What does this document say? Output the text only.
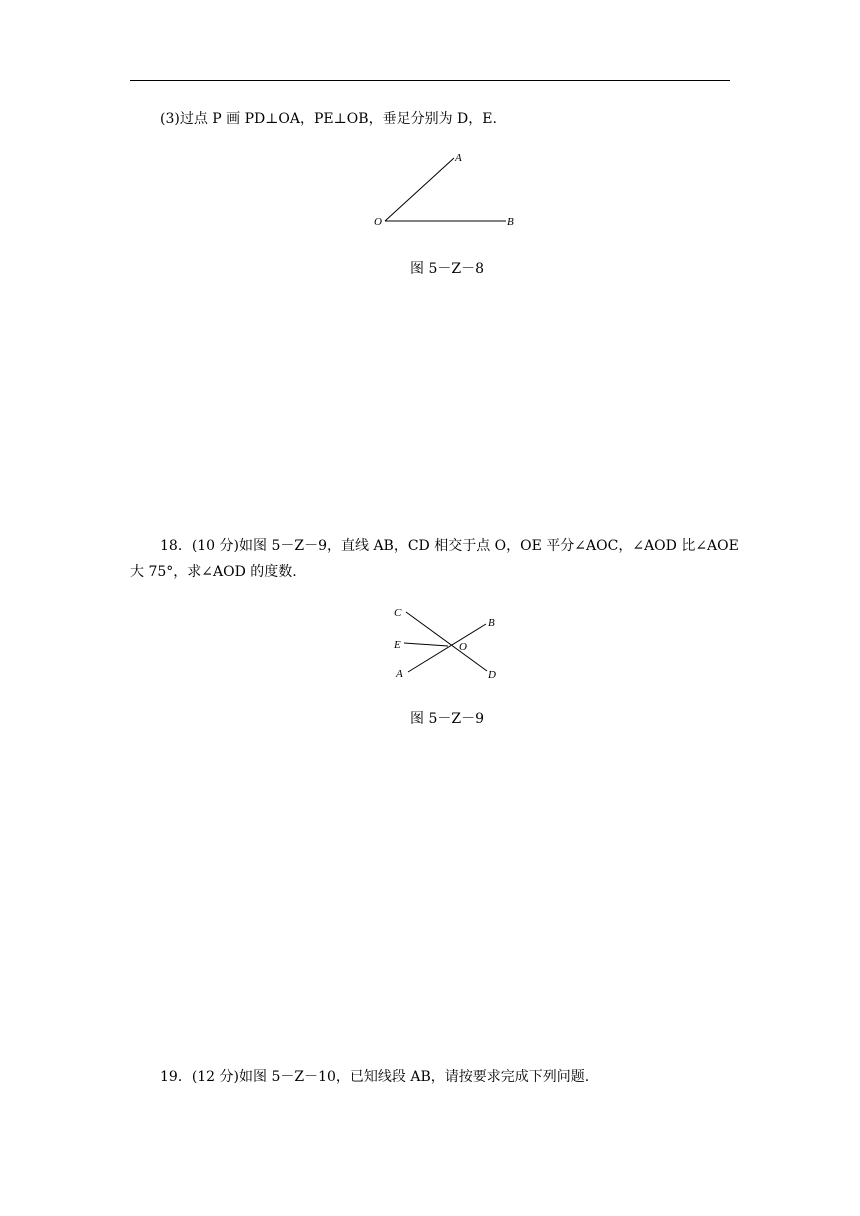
(3)过点 P 画 PD⊥OA，PE⊥OB，垂足分别为 D，E.
A
O	B
图 5－Z－8
18．(10 分)如图 5－Z－9，直线 AB，CD 相交于点 O，OE 平分∠AOC，∠AOD 比∠AOE
大 75°，求∠AOD 的度数.
C
B
E	O
A	D
图 5－Z－9
19．(12 分)如图 5－Z－10，已知线段 AB，请按要求完成下列问题.
